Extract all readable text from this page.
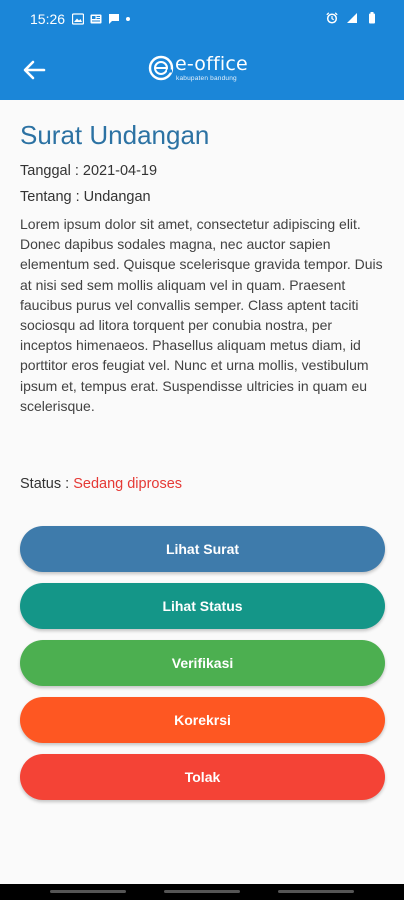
15:26
e-office
kabupaten bandung
Surat Undangan
Tanggal : 2021-04-19
Tentang : Undangan
Lorem ipsum dolor sit amet, consectetur adipiscing elit. Donec dapibus sodales magna, nec auctor sapien elementum sed. Quisque scelerisque gravida tempor. Duis at nisi sed sem mollis aliquam vel in quam. Praesent faucibus purus vel convallis semper. Class aptent taciti sociosqu ad litora torquent per conubia nostra, per inceptos himenaeos. Phasellus aliquam metus diam, id porttitor eros feugiat vel. Nunc et urna mollis, vestibulum ipsum et, tempus erat. Suspendisse ultricies in quam eu scelerisque.
Status : Sedang diproses
Lihat Surat
Lihat Status
Verifikasi
Korekrsi
Tolak
